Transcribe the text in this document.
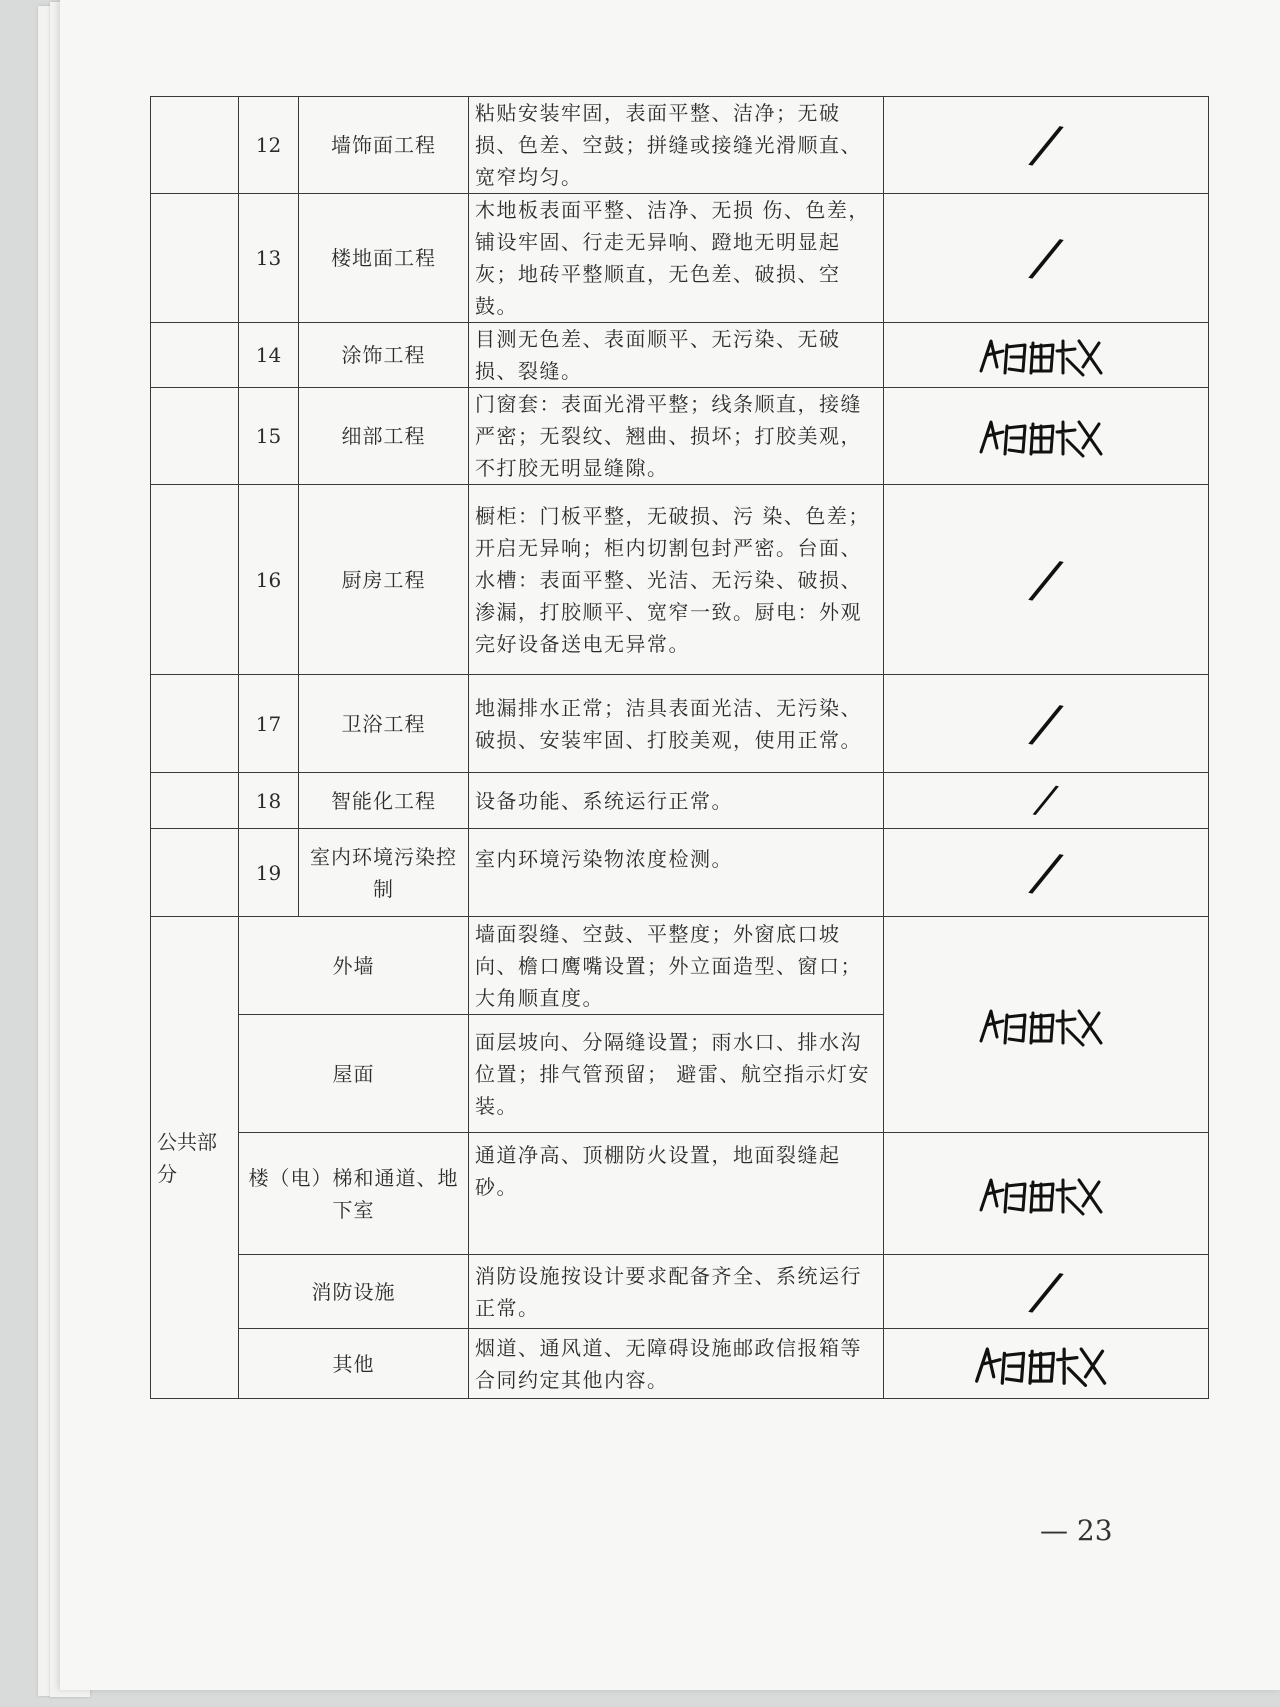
	12	墙饰面工程	粘贴安装牢固，表面平整、洁净；无破损、色差、空鼓；拼缝或接缝光滑顺直、宽窄均匀。	/
	13	楼地面工程	木地板表面平整、洁净、无损 伤、色差，铺设牢固、行走无异响、蹬地无明显起灰；地砖平整顺直，无色差、破损、空鼓。	/
	14	涂饰工程	目测无色差、表面顺平、无污染、无破损、裂缝。	

	15	细部工程	门窗套：表面光滑平整；线条顺直，接缝严密；无裂纹、翘曲、损坏；打胶美观，不打胶无明显缝隙。	

	16	厨房工程	橱柜：门板平整，无破损、污 染、色差；开启无异响；柜内切割包封严密。台面、水槽：表面平整、光洁、无污染、破损、渗漏，打胶顺平、宽窄一致。厨电：外观完好设备送电无异常。	/
	17	卫浴工程	地漏排水正常；洁具表面光洁、无污染、破损、安装牢固、打胶美观，使用正常。	/
	18	智能化工程	设备功能、系统运行正常。	/
	19	室内环境污染控制	室内环境污染物浓度检测。	/
公共部分	外墙		墙面裂缝、空鼓、平整度；外窗底口坡向、檐口鹰嘴设置；外立面造型、窗口；大角顺直度。	

	屋面		面层坡向、分隔缝设置；雨水口、排水沟位置；排气管预留； 避雷、航空指示灯安装。	
	楼（电）梯和通道、地下室		通道净高、顶棚防火设置，地面裂缝起砂。	

	消防设施		消防设施按设计要求配备齐全、系统运行正常。	/
	其他		烟道、通风道、无障碍设施邮政信报箱等合同约定其他内容。	
— 23
